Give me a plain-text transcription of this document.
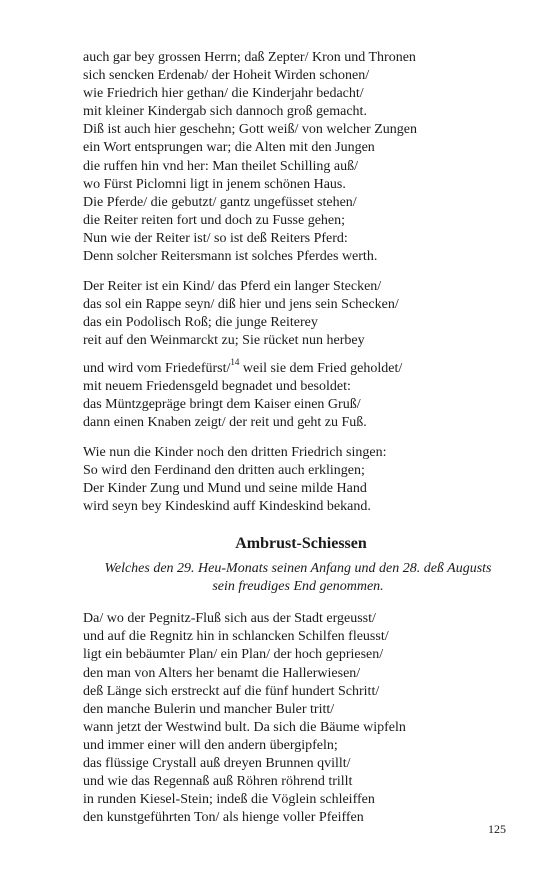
auch gar bey grossen Herrn; daß Zepter/ Kron und Thronen
sich sencken Erdenab/ der Hoheit Wirden schonen/
wie Friedrich hier gethan/ die Kinderjahr bedacht/
mit kleiner Kindergab sich dannoch groß gemacht.
Diß ist auch hier geschehn; Gott weiß/ von welcher Zungen
ein Wort entsprungen war; die Alten mit den Jungen
die ruffen hin vnd her: Man theilet Schilling auß/
wo Fürst Piclomni ligt in jenem schönen Haus.
Die Pferde/ die gebutzt/ gantz ungefüsset stehen/
die Reiter reiten fort und doch zu Fusse gehen;
Nun wie der Reiter ist/ so ist deß Reiters Pferd:
Denn solcher Reitersmann ist solches Pferdes werth.
Der Reiter ist ein Kind/ das Pferd ein langer Stecken/
das sol ein Rappe seyn/ diß hier und jens sein Schecken/
das ein Podolisch Roß; die junge Reiterey
reit auf den Weinmarckt zu; Sie rücket nun herbey
und wird vom Friedefürst/$^{14}$ weil sie dem Fried geholdet/
mit neuem Friedensgeld begnadet und besoldet:
das Müntzgepräge bringt dem Kaiser einen Gruß/
dann einen Knaben zeigt/ der reit und geht zu Fuß.
Wie nun die Kinder noch den dritten Friedrich singen:
So wird den Ferdinand den dritten auch erklingen;
Der Kinder Zung und Mund und seine milde Hand
wird seyn bey Kindeskind auff Kindeskind bekand.
Ambrust-Schiessen
Welches den 29. Heu-Monats seinen Anfang und den 28. deß Augusts
sein freudiges End genommen.
Da/ wo der Pegnitz-Fluß sich aus der Stadt ergeusst/
und auf die Regnitz hin in schlancken Schilfen fleusst/
ligt ein bebäumter Plan/ ein Plan/ der hoch gepriesen/
den man von Alters her benamt die Hallerwiesen/
deß Länge sich erstreckt auf die fünf hundert Schritt/
den manche Bulerin und mancher Buler tritt/
wann jetzt der Westwind bult. Da sich die Bäume wipfeln
und immer einer will den andern übergipfeln;
das flüssige Crystall auß dreyen Brunnen qvillt/
und wie das Regennaß auß Röhren röhrend trillt
in runden Kiesel-Stein; indeß die Vöglein schleiffen
den kunstgeführten Ton/ als hienge voller Pfeiffen
125
